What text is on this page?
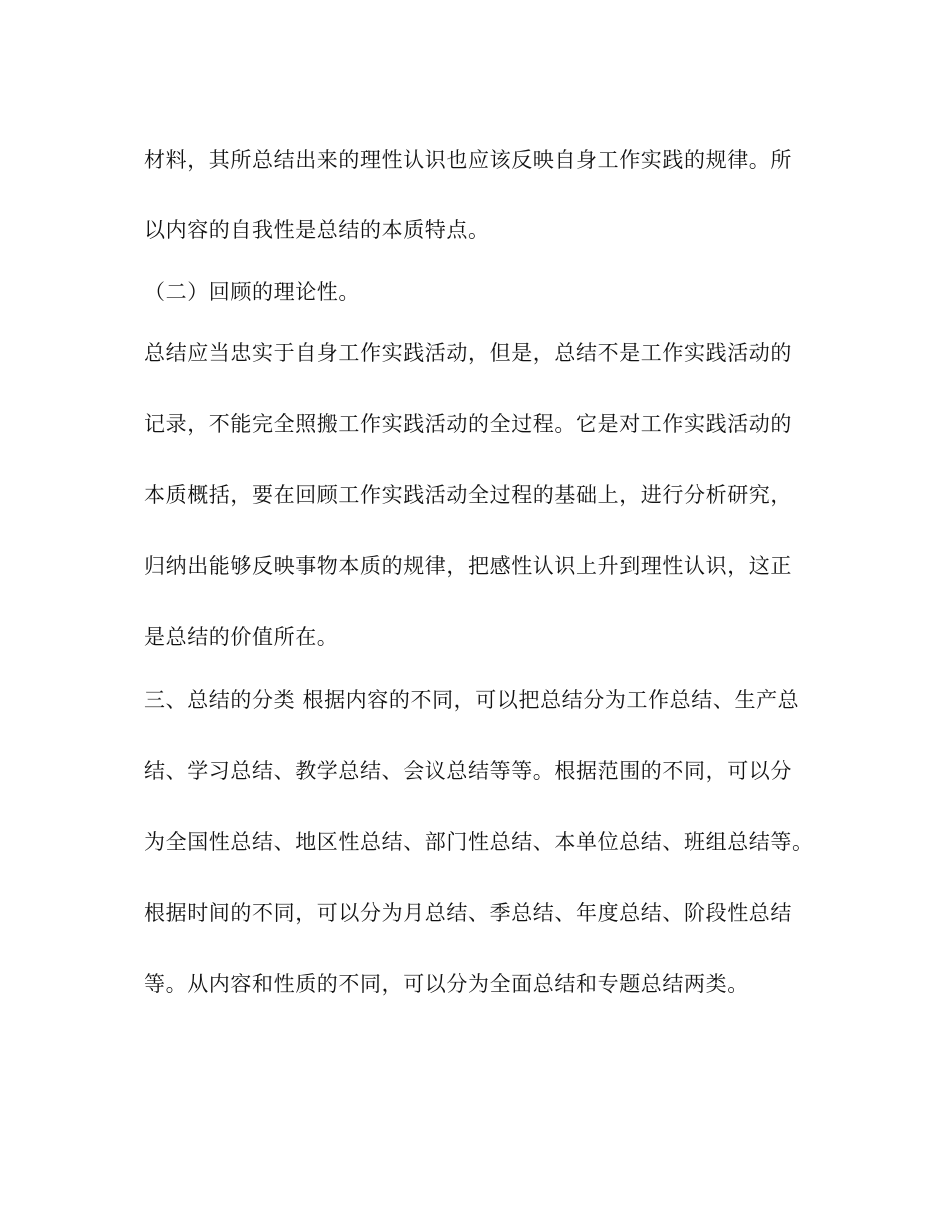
材料，其所总结出来的理性认识也应该反映自身工作实践的规律。所
以内容的自我性是总结的本质特点。
（二）回顾的理论性。
总结应当忠实于自身工作实践活动，但是，总结不是工作实践活动的
记录，不能完全照搬工作实践活动的全过程。它是对工作实践活动的
本质概括，要在回顾工作实践活动全过程的基础上，进行分析研究，
归纳出能够反映事物本质的规律，把感性认识上升到理性认识，这正
是总结的价值所在。
三、总结的分类 根据内容的不同，可以把总结分为工作总结、生产总
结、学习总结、教学总结、会议总结等等。根据范围的不同，可以分
为全国性总结、地区性总结、部门性总结、本单位总结、班组总结等。
根据时间的不同，可以分为月总结、季总结、年度总结、阶段性总结
等。从内容和性质的不同，可以分为全面总结和专题总结两类。
